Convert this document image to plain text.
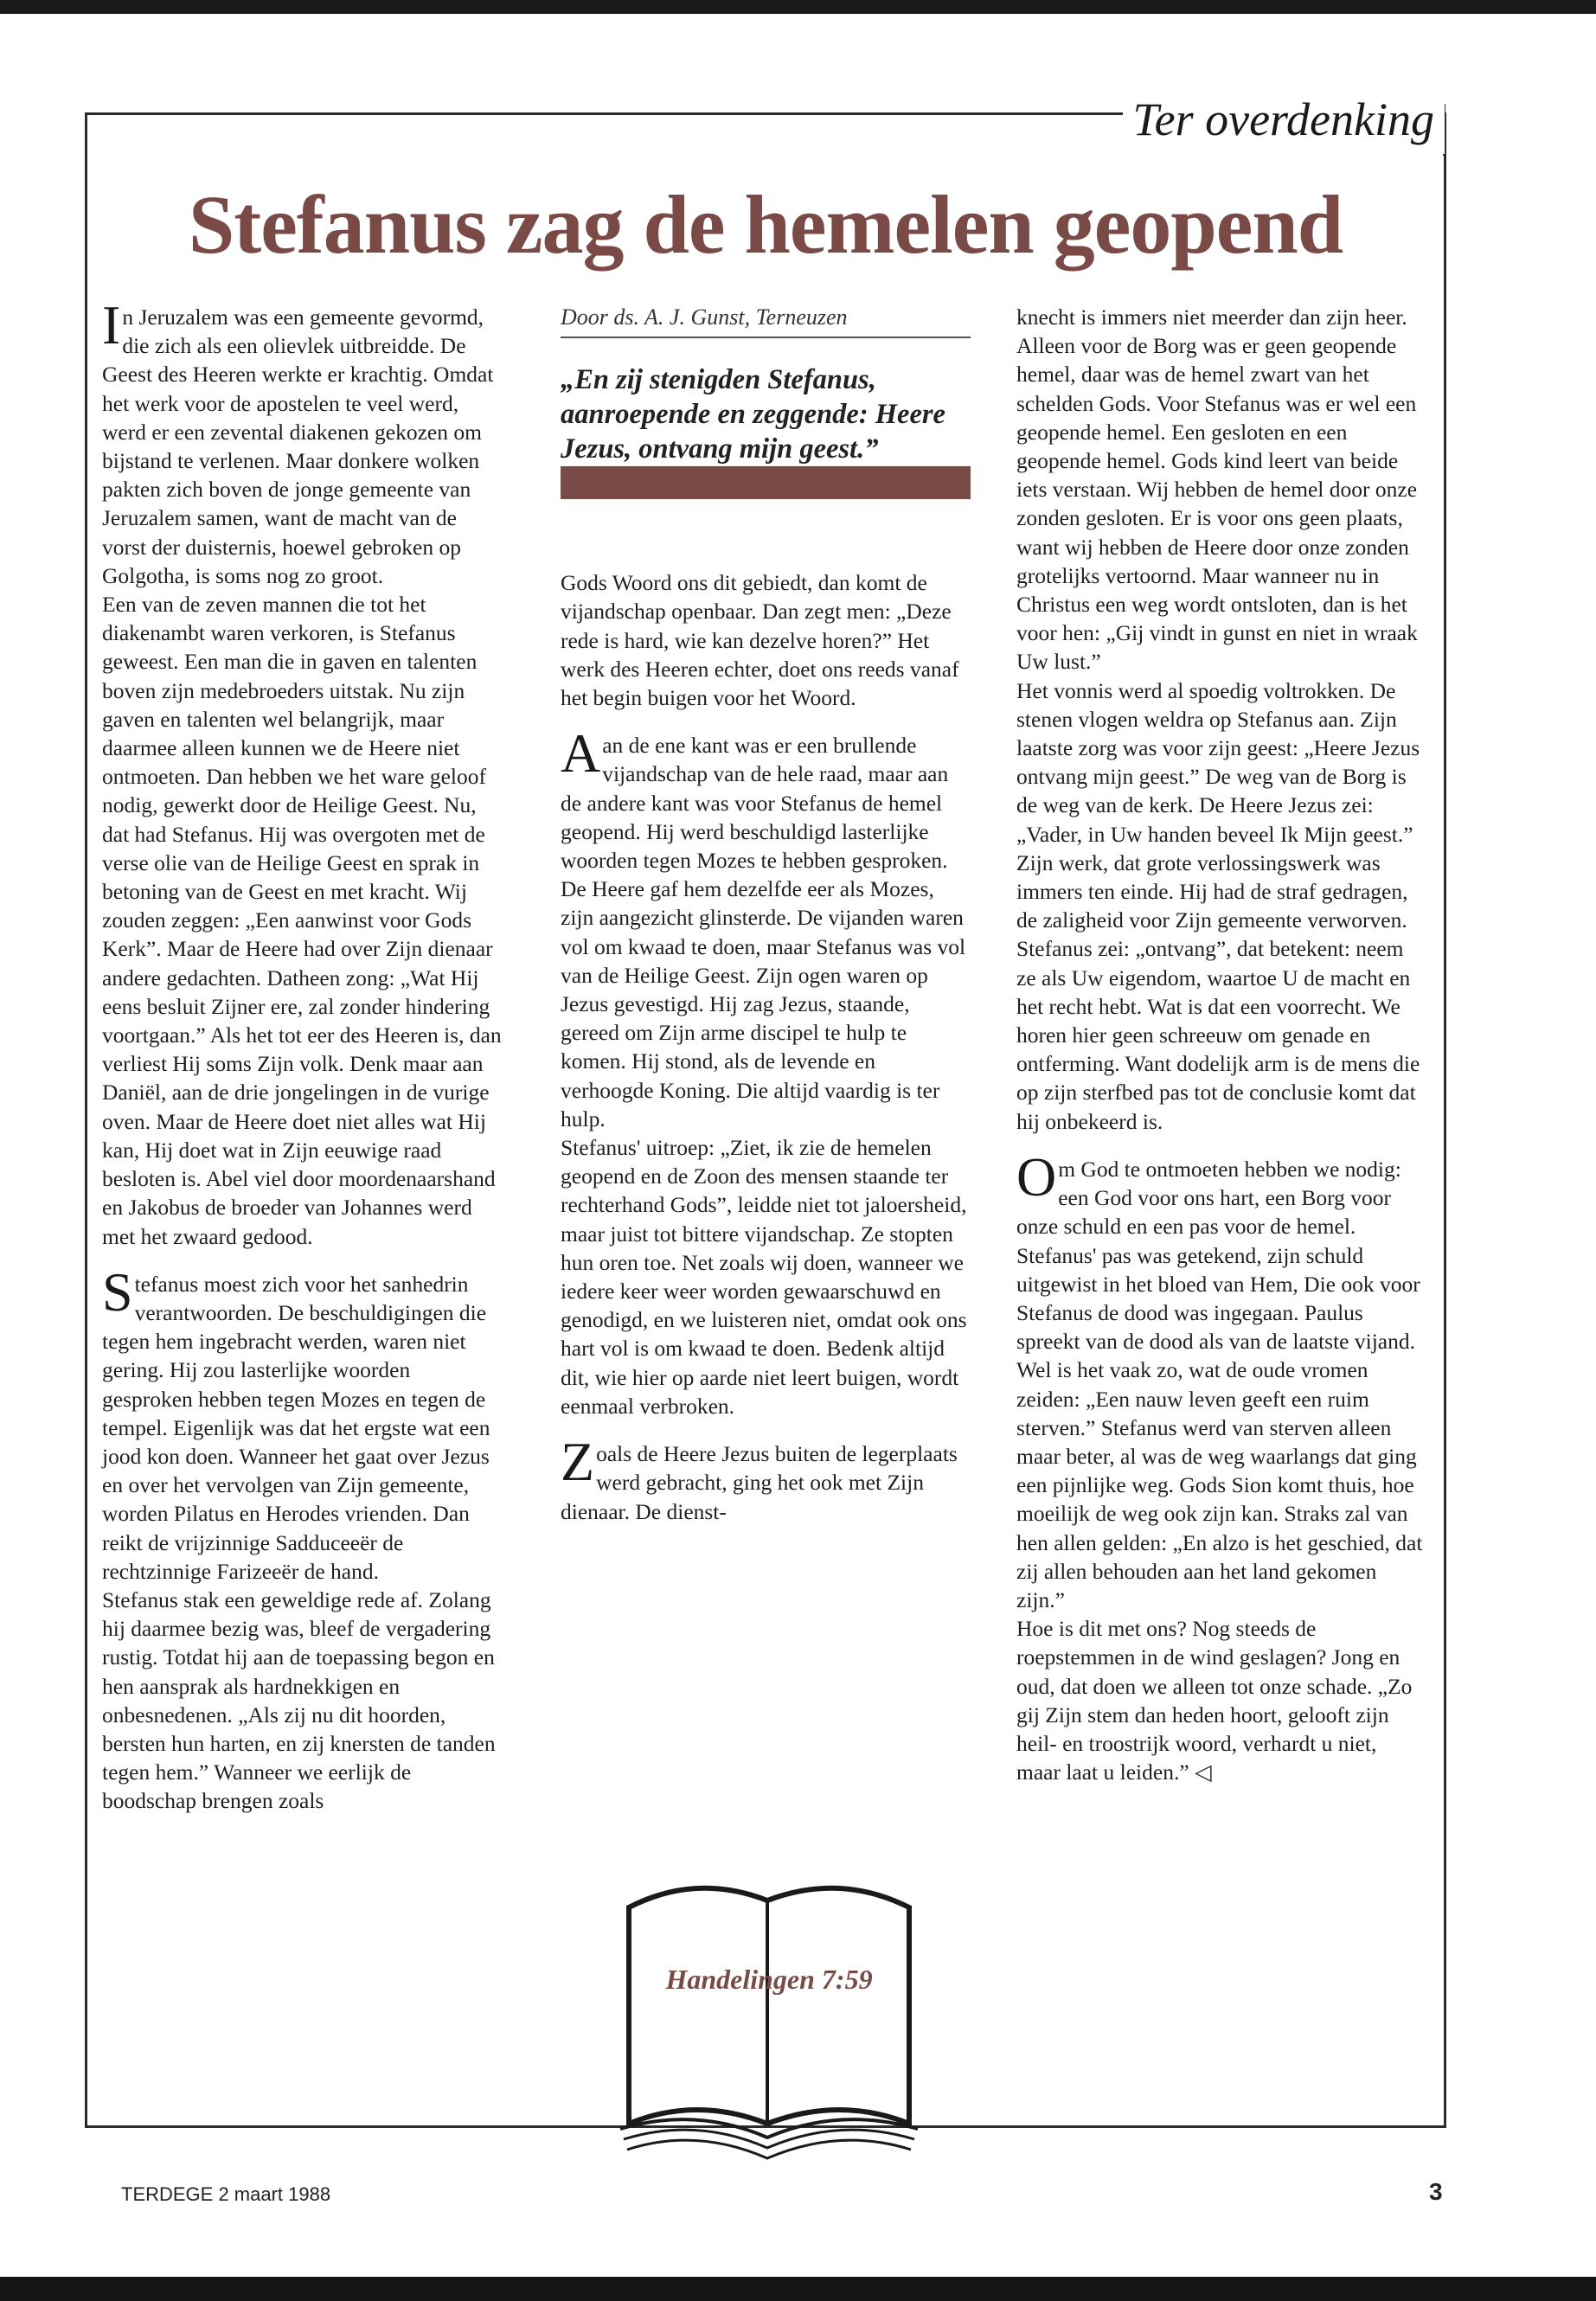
Ter overdenking
Stefanus zag de hemelen geopend

In Jeruzalem was een gemeente gevormd, die zich als een olievlek uitbreidde. De Geest des Heeren werkte er krachtig. Omdat het werk voor de apostelen te veel werd, werd er een zevental diakenen gekozen om bijstand te verlenen. Maar donkere wolken pakten zich boven de jonge gemeente van Jeruzalem samen, want de macht van de vorst der duisternis, hoewel gebroken op Golgotha, is soms nog zo groot.

Een van de zeven mannen die tot het diakenambt waren verkoren, is Stefanus geweest. Een man die in gaven en talenten boven zijn medebroeders uitstak. Nu zijn gaven en talenten wel belangrijk, maar daarmee alleen kunnen we de Heere niet ontmoeten. Dan hebben we het ware geloof nodig, gewerkt door de Heilige Geest. Nu, dat had Stefanus. Hij was overgoten met de verse olie van de Heilige Geest en sprak in betoning van de Geest en met kracht. Wij zouden zeggen: „Een aanwinst voor Gods Kerk”. Maar de Heere had over Zijn dienaar andere gedachten. Datheen zong: „Wat Hij eens besluit Zijner ere, zal zonder hindering voortgaan.” Als het tot eer des Heeren is, dan verliest Hij soms Zijn volk. Denk maar aan Daniël, aan de drie jongelingen in de vurige oven. Maar de Heere doet niet alles wat Hij kan, Hij doet wat in Zijn eeuwige raad besloten is. Abel viel door moordenaarshand en Jakobus de broeder van Johannes werd met het zwaard gedood.

Stefanus moest zich voor het sanhedrin verantwoorden. De beschuldigingen die tegen hem ingebracht werden, waren niet gering. Hij zou lasterlijke woorden gesproken hebben tegen Mozes en tegen de tempel. Eigenlijk was dat het ergste wat een jood kon doen. Wanneer het gaat over Jezus en over het vervolgen van Zijn gemeente, worden Pilatus en Herodes vrienden. Dan reikt de vrijzinnige Sadduceeër de rechtzinnige Farizeeër de hand.

Stefanus stak een geweldige rede af. Zolang hij daarmee bezig was, bleef de vergadering rustig. Totdat hij aan de toepassing begon en hen aansprak als hardnekkigen en onbesnedenen. „Als zij nu dit hoorden, bersten hun harten, en zij knersten de tanden tegen hem.” Wanneer we eerlijk de boodschap brengen zoals

Door ds. A. J. Gunst, Terneuzen

„En zij stenigden Stefanus, aanroepende en zeggende: Heere Jezus, ontvang mijn geest.”

Gods Woord ons dit gebiedt, dan komt de vijandschap openbaar. Dan zegt men: „Deze rede is hard, wie kan dezelve horen?” Het werk des Heeren echter, doet ons reeds vanaf het begin buigen voor het Woord.

Aan de ene kant was er een brullende vijandschap van de hele raad, maar aan de andere kant was voor Stefanus de hemel geopend. Hij werd beschuldigd lasterlijke woorden tegen Mozes te hebben gesproken. De Heere gaf hem dezelfde eer als Mozes, zijn aangezicht glinsterde. De vijanden waren vol om kwaad te doen, maar Stefanus was vol van de Heilige Geest. Zijn ogen waren op Jezus gevestigd. Hij zag Jezus, staande, gereed om Zijn arme discipel te hulp te komen. Hij stond, als de levende en verhoogde Koning. Die altijd vaardig is ter hulp.

Stefanus' uitroep: „Ziet, ik zie de hemelen geopend en de Zoon des mensen staande ter rechterhand Gods”, leidde niet tot jaloersheid, maar juist tot bittere vijandschap. Ze stopten hun oren toe. Net zoals wij doen, wanneer we iedere keer weer worden gewaarschuwd en genodigd, en we luisteren niet, omdat ook ons hart vol is om kwaad te doen. Bedenk altijd dit, wie hier op aarde niet leert buigen, wordt eenmaal verbroken.

Zoals de Heere Jezus buiten de legerplaats werd gebracht, ging het ook met Zijn dienaar. De dienst-

Handelingen 7:59

knecht is immers niet meerder dan zijn heer. Alleen voor de Borg was er geen geopende hemel, daar was de hemel zwart van het schelden Gods. Voor Stefanus was er wel een geopende hemel. Een gesloten en een geopende hemel. Gods kind leert van beide iets verstaan. Wij hebben de hemel door onze zonden gesloten. Er is voor ons geen plaats, want wij hebben de Heere door onze zonden grotelijks vertoornd. Maar wanneer nu in Christus een weg wordt ontsloten, dan is het voor hen: „Gij vindt in gunst en niet in wraak Uw lust.”

Het vonnis werd al spoedig voltrokken. De stenen vlogen weldra op Stefanus aan. Zijn laatste zorg was voor zijn geest: „Heere Jezus ontvang mijn geest.” De weg van de Borg is de weg van de kerk. De Heere Jezus zei: „Vader, in Uw handen beveel Ik Mijn geest.” Zijn werk, dat grote verlossingswerk was immers ten einde. Hij had de straf gedragen, de zaligheid voor Zijn gemeente verworven. Stefanus zei: „ontvang”, dat betekent: neem ze als Uw eigendom, waartoe U de macht en het recht hebt. Wat is dat een voorrecht. We horen hier geen schreeuw om genade en ontferming. Want dodelijk arm is de mens die op zijn sterfbed pas tot de conclusie komt dat hij onbekeerd is.

Om God te ontmoeten hebben we nodig: een God voor ons hart, een Borg voor onze schuld en een pas voor de hemel. Stefanus' pas was getekend, zijn schuld uitgewist in het bloed van Hem, Die ook voor Stefanus de dood was ingegaan. Paulus spreekt van de dood als van de laatste vijand. Wel is het vaak zo, wat de oude vromen zeiden: „Een nauw leven geeft een ruim sterven.” Stefanus werd van sterven alleen maar beter, al was de weg waarlangs dat ging een pijnlijke weg. Gods Sion komt thuis, hoe moeilijk de weg ook zijn kan. Straks zal van hen allen gelden: „En alzo is het geschied, dat zij allen behouden aan het land gekomen zijn.”

Hoe is dit met ons? Nog steeds de roepstemmen in de wind geslagen? Jong en oud, dat doen we alleen tot onze schade. „Zo gij Zijn stem dan heden hoort, gelooft zijn heil- en troostrijk woord, verhardt u niet, maar laat u leiden.” ◁

TERDEGE 2 maart 1988	3
